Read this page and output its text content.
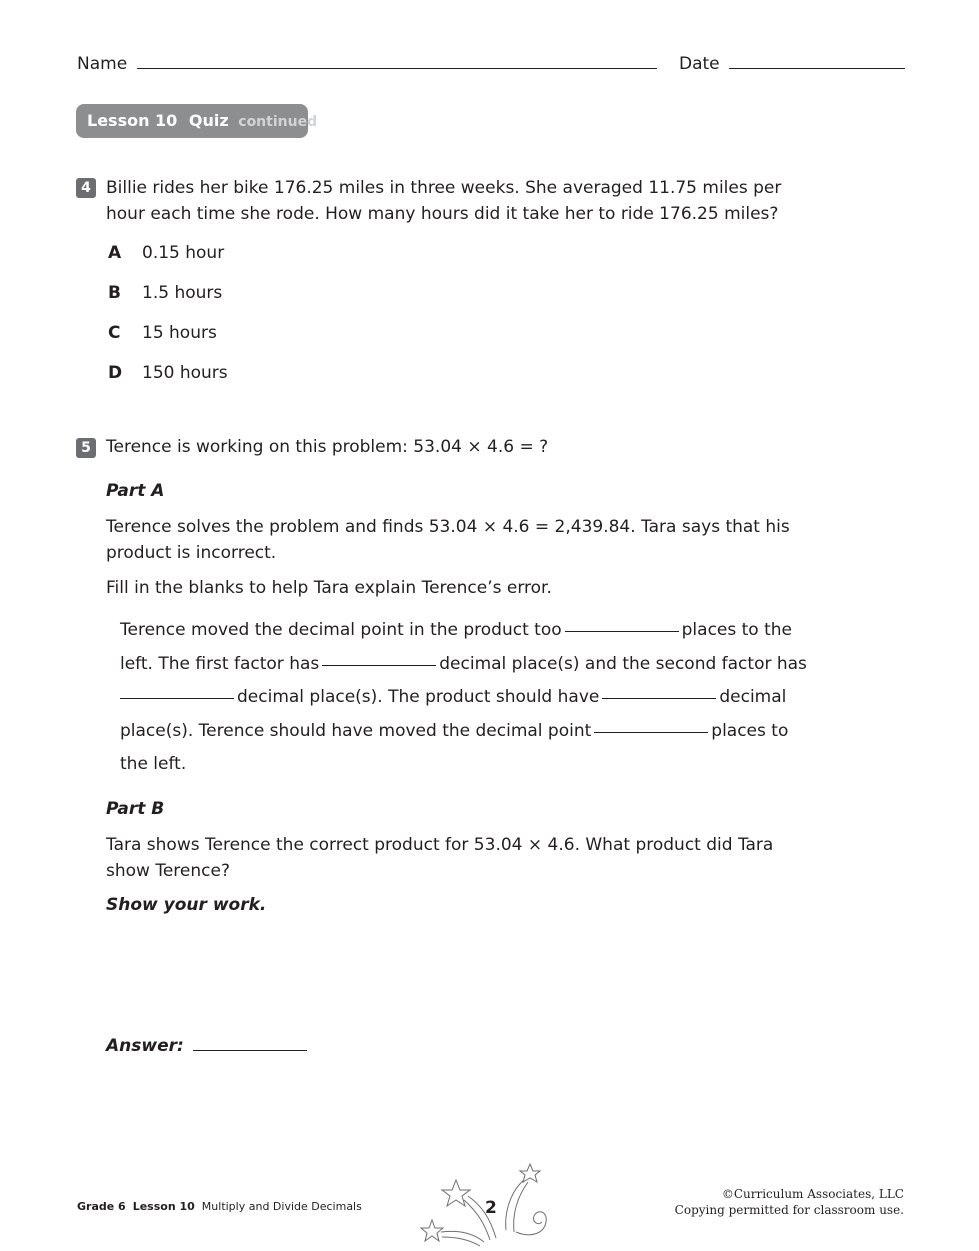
Name	Date
Lesson 10 Quiz continued
4 Billie rides her bike 176.25 miles in three weeks. She averaged 11.75 miles per
hour each time she rode. How many hours did it take her to ride 176.25 miles?
A 0.15 hour
B 1.5 hours
C 15 hours
D 150 hours
5 Terence is working on this problem: 53.04 × 4.6 = ?
Part A
Terence solves the problem and finds 53.04 × 4.6 = 2,439.84. Tara says that his
product is incorrect.
Fill in the blanks to help Tara explain Terence’s error.
Terence moved the decimal point in the product too	places to the
left. The first factor has	decimal place(s) and the second factor has
decimal place(s). The product should have	decimal
place(s). Terence should have moved the decimal point	places to
the left.
Part B
Tara shows Terence the correct product for 53.04 × 4.6. What product did Tara
show Terence?
Show your work.
Answer:
Grade 6 Lesson 10 Multiply and Divide Decimals	2
©Curriculum Associates, LLC
Copying permitted for classroom use.
